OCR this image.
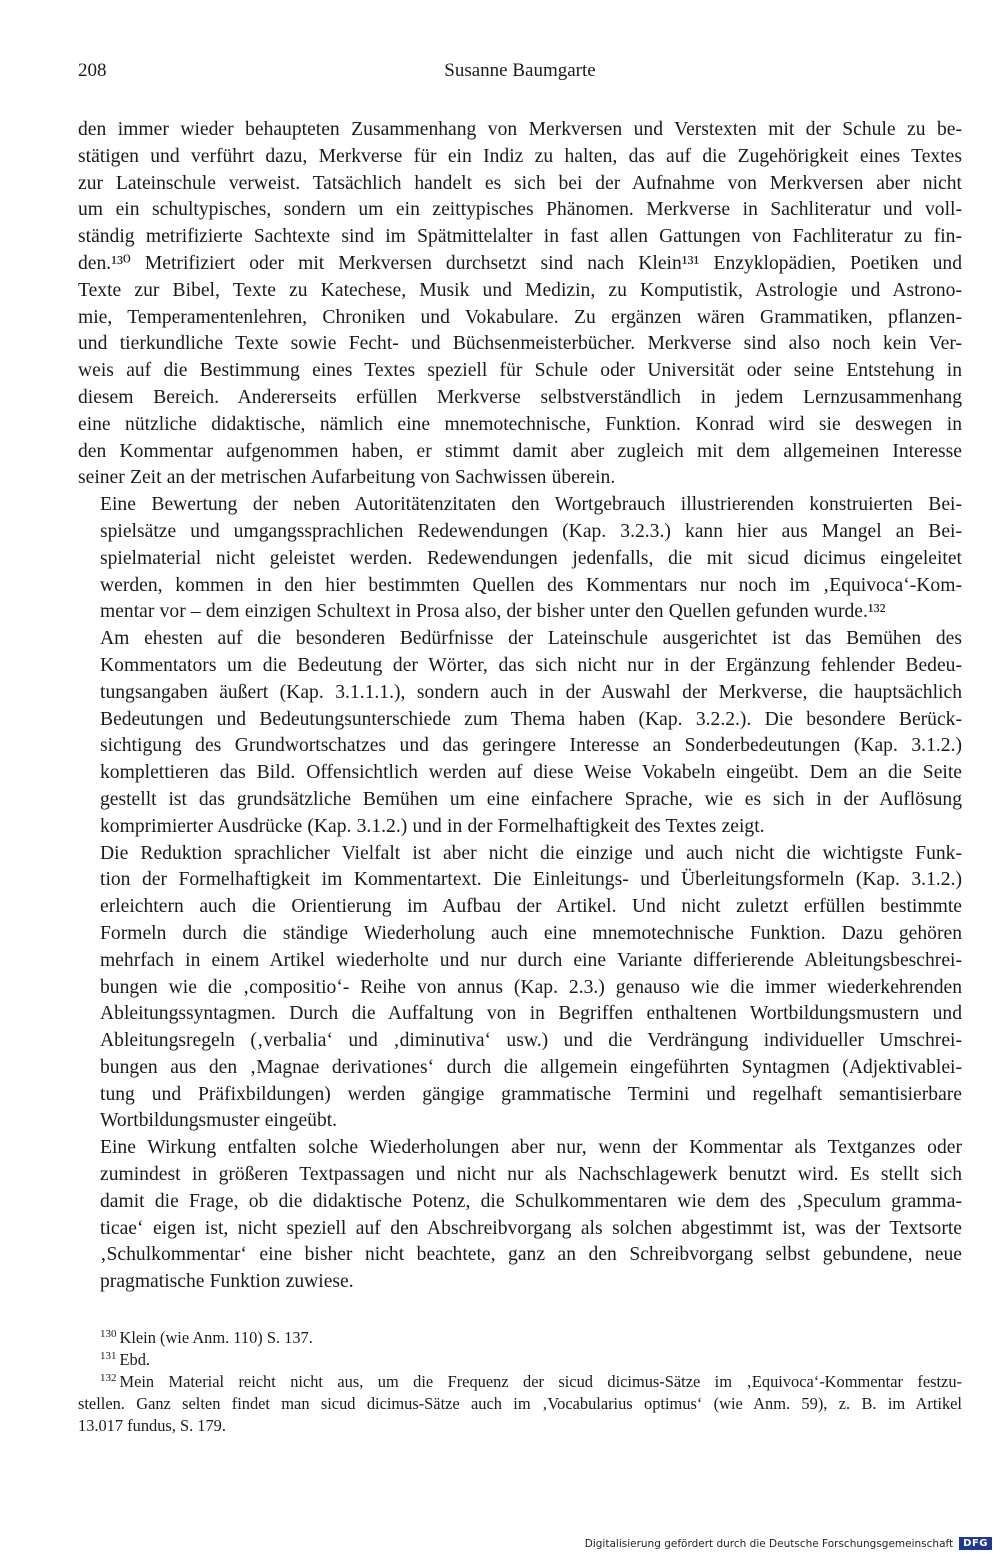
208	Susanne Baumgarte

den immer wieder behaupteten Zusammenhang von Merkversen und Verstexten mit der Schule zu be-
stätigen und verführt dazu, Merkverse für ein Indiz zu halten, das auf die Zugehörigkeit eines Textes
zur Lateinschule verweist. Tatsächlich handelt es sich bei der Aufnahme von Merkversen aber nicht
um ein schultypisches, sondern um ein zeittypisches Phänomen. Merkverse in Sachliteratur und voll-
ständig metrifizierte Sachtexte sind im Spätmittelalter in fast allen Gattungen von Fachliteratur zu fin-
den.¹³⁰ Metrifiziert oder mit Merkversen durchsetzt sind nach Klein¹³¹ Enzyklopädien, Poetiken und
Texte zur Bibel, Texte zu Katechese, Musik und Medizin, zu Komputistik, Astrologie und Astrono-
mie, Temperamentenlehren, Chroniken und Vokabulare. Zu ergänzen wären Grammatiken, pflanzen-
und tierkundliche Texte sowie Fecht- und Büchsenmeisterbücher. Merkverse sind also noch kein Ver-
weis auf die Bestimmung eines Textes speziell für Schule oder Universität oder seine Entstehung in
diesem Bereich. Andererseits erfüllen Merkverse selbstverständlich in jedem Lernzusammenhang
eine nützliche didaktische, nämlich eine mnemotechnische, Funktion. Konrad wird sie deswegen in
den Kommentar aufgenommen haben, er stimmt damit aber zugleich mit dem allgemeinen Interesse
seiner Zeit an der metrischen Aufarbeitung von Sachwissen überein.

Eine Bewertung der neben Autoritätenzitaten den Wortgebrauch illustrierenden konstruierten Bei-
spielsätze und umgangssprachlichen Redewendungen (Kap. 3.2.3.) kann hier aus Mangel an Bei-
spielmaterial nicht geleistet werden. Redewendungen jedenfalls, die mit sicud dicimus eingeleitet
werden, kommen in den hier bestimmten Quellen des Kommentars nur noch im ‚Equivoca‘-Kom-
mentar vor – dem einzigen Schultext in Prosa also, der bisher unter den Quellen gefunden wurde.¹³²

Am ehesten auf die besonderen Bedürfnisse der Lateinschule ausgerichtet ist das Bemühen des
Kommentators um die Bedeutung der Wörter, das sich nicht nur in der Ergänzung fehlender Bedeu-
tungsangaben äußert (Kap. 3.1.1.1.), sondern auch in der Auswahl der Merkverse, die hauptsächlich
Bedeutungen und Bedeutungsunterschiede zum Thema haben (Kap. 3.2.2.). Die besondere Berück-
sichtigung des Grundwortschatzes und das geringere Interesse an Sonderbedeutungen (Kap. 3.1.2.)
komplettieren das Bild. Offensichtlich werden auf diese Weise Vokabeln eingeübt. Dem an die Seite
gestellt ist das grundsätzliche Bemühen um eine einfachere Sprache, wie es sich in der Auflösung
komprimierter Ausdrücke (Kap. 3.1.2.) und in der Formelhaftigkeit des Textes zeigt.

Die Reduktion sprachlicher Vielfalt ist aber nicht die einzige und auch nicht die wichtigste Funk-
tion der Formelhaftigkeit im Kommentartext. Die Einleitungs- und Überleitungsformeln (Kap. 3.1.2.)
erleichtern auch die Orientierung im Aufbau der Artikel. Und nicht zuletzt erfüllen bestimmte
Formeln durch die ständige Wiederholung auch eine mnemotechnische Funktion. Dazu gehören
mehrfach in einem Artikel wiederholte und nur durch eine Variante differierende Ableitungsbeschrei-
bungen wie die ‚compositio‘- Reihe von annus (Kap. 2.3.) genauso wie die immer wiederkehrenden
Ableitungssyntagmen. Durch die Auffaltung von in Begriffen enthaltenen Wortbildungsmustern und
Ableitungsregeln (‚verbalia‘ und ‚diminutiva‘ usw.) und die Verdrängung individueller Umschrei-
bungen aus den ‚Magnae derivationes‘ durch die allgemein eingeführten Syntagmen (Adjektivablei-
tung und Präfixbildungen) werden gängige grammatische Termini und regelhaft semantisierbare
Wortbildungsmuster eingeübt.

Eine Wirkung entfalten solche Wiederholungen aber nur, wenn der Kommentar als Textganzes oder
zumindest in größeren Textpassagen und nicht nur als Nachschlagewerk benutzt wird. Es stellt sich
damit die Frage, ob die didaktische Potenz, die Schulkommentaren wie dem des ‚Speculum gramma-
ticae‘ eigen ist, nicht speziell auf den Abschreibvorgang als solchen abgestimmt ist, was der Textsorte
‚Schulkommentar‘ eine bisher nicht beachtete, ganz an den Schreibvorgang selbst gebundene, neue
pragmatische Funktion zuwiese.

$^{130}$ Klein (wie Anm. 110) S. 137.
$^{131}$ Ebd.
$^{132}$ Mein Material reicht nicht aus, um die Frequenz der sicud dicimus-Sätze im ‚Equivoca‘-Kommentar festzu-
stellen. Ganz selten findet man sicud dicimus-Sätze auch im ‚Vocabularius optimus‘ (wie Anm. 59), z. B. im Artikel
13.017 fundus, S. 179.
Digitalisierung gefördert durch die Deutsche Forschungsgemeinschaft	DFG
